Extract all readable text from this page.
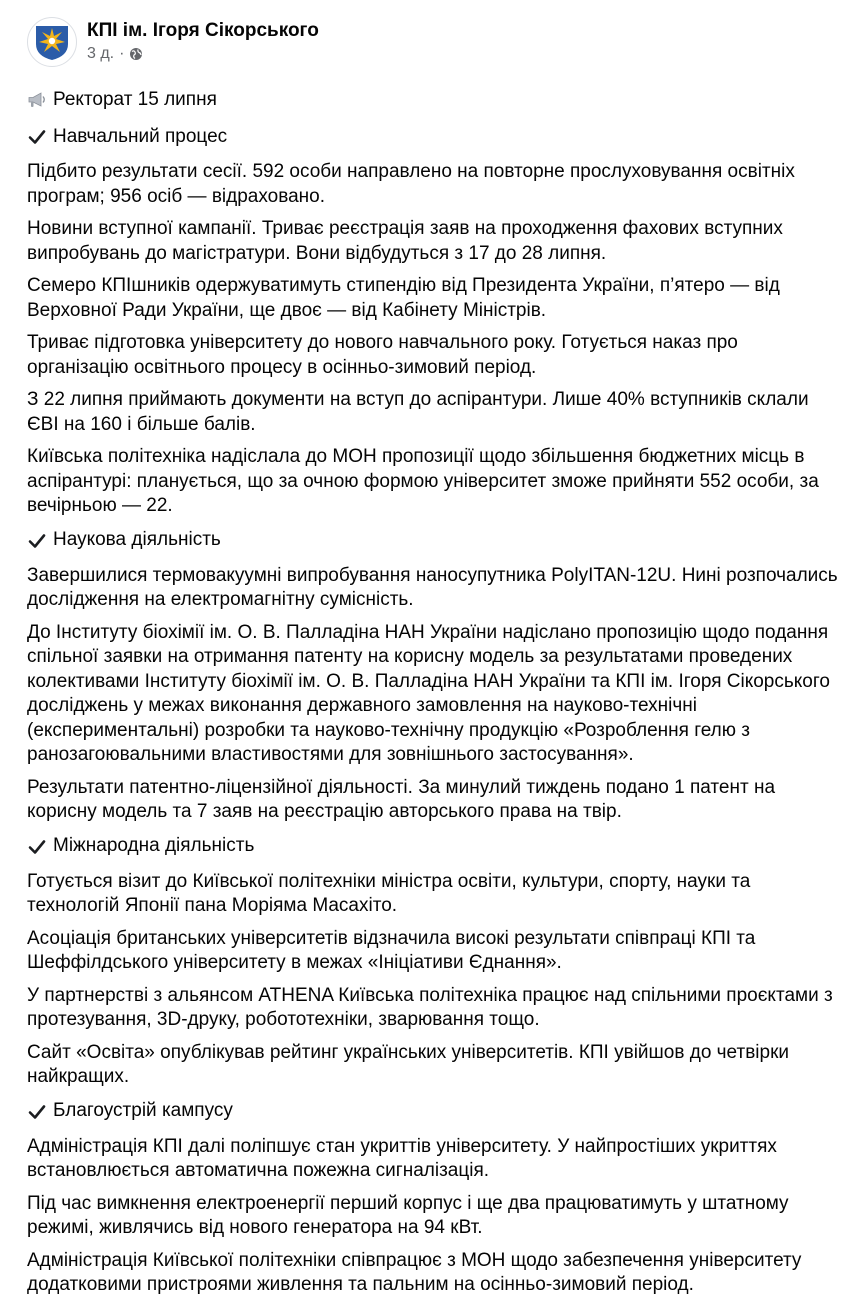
КПІ ім. Ігоря Сікорського
3 д. ·
Ректорат 15 липня
Навчальний процес

Підбито результати сесії. 592 особи направлено на повторне прослуховування освітніх програм; 956 осіб — відраховано.

Новини вступної кампанії. Триває реєстрація заяв на проходження фахових вступних випробувань до магістратури. Вони відбудуться з 17 до 28 липня.

Семеро КПІшників одержуватимуть стипендію від Президента України, п’ятеро — від Верховної Ради України, ще двоє — від Кабінету Міністрів.

Триває підготовка університету до нового навчального року. Готується наказ про організацію освітнього процесу в осінньо-зимовий період.

З 22 липня приймають документи на вступ до аспірантури. Лише 40% вступників склали ЄВІ на 160 і більше балів.

Київська політехніка надіслала до МОН пропозиції щодо збільшення бюджетних місць в аспірантурі: планується, що за очною формою університет зможе прийняти 552 особи, за вечірньою — 22.

Наукова діяльність

Завершилися термовакуумні випробування наносупутника PolyITAN-12U. Нині розпочались дослідження на електромагнітну сумісність.

До Інституту біохімії ім. О. В. Палладіна НАН України надіслано пропозицію щодо подання спільної заявки на отримання патенту на корисну модель за результатами проведених колективами Інституту біохімії ім. О. В. Палладіна НАН України та КПІ ім. Ігоря Сікорського досліджень у межах виконання державного замовлення на науково-технічні (експериментальні) розробки та науково-технічну продукцію «Розроблення гелю з ранозагоювальними властивостями для зовнішнього застосування».

Результати патентно-ліцензійної діяльності. За минулий тиждень подано 1 патент на корисну модель та 7 заяв на реєстрацію авторського права на твір.

Міжнародна діяльність

Готується візит до Київської політехніки міністра освіти, культури, спорту, науки та технологій Японії пана Моріяма Масахіто.

Асоціація британських університетів відзначила високі результати співпраці КПІ та Шеффілдського університету в межах «Ініціативи Єднання».

У партнерстві з альянсом ATHENA Київська політехніка працює над спільними проєктами з протезування, 3D-друку, робототехніки, зварювання тощо.

Сайт «Освіта» опублікував рейтинг українських університетів. КПІ увійшов до четвірки найкращих.

Благоустрій кампусу

Адміністрація КПІ далі поліпшує стан укриттів університету. У найпростіших укриттях встановлюється автоматична пожежна сигналізація.

Під час вимкнення електроенергії перший корпус і ще два працюватимуть у штатному режимі, живлячись від нового генератора на 94 кВт.

Адміністрація Київської політехніки співпрацює з МОН щодо забезпечення університету додатковими пристроями живлення та пальним на осінньо-зимовий період.
